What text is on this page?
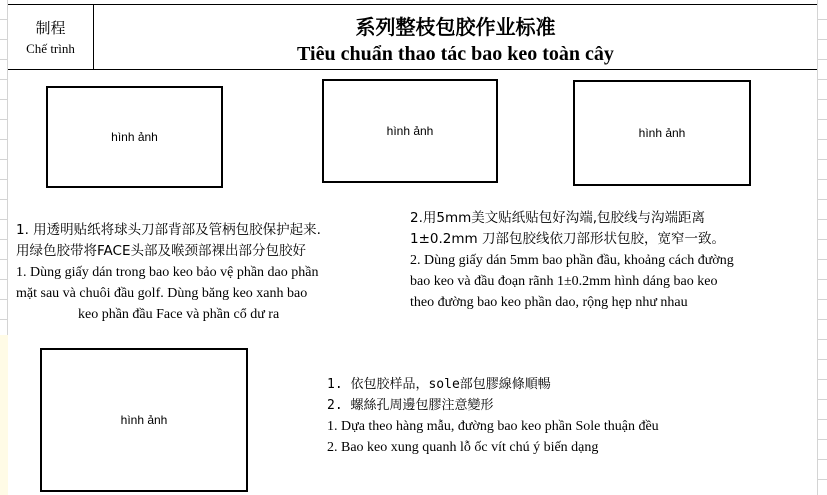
制程
Chế trình
系列整枝包胶作业标准
Tiêu chuẩn thao tác bao keo toàn cây
hình ảnh	hình ảnh	hình ảnh
hình ảnh
1. 用透明贴纸将球头刀部背部及管柄包胶保护起来.
用绿色胶带将FACE头部及喉颈部裸出部分包胶好
1. Dùng giấy dán trong bao keo bảo vệ phần dao phần
mặt sau và chuôi đầu golf. Dùng băng keo xanh bao
keo phần đầu Face và phần cổ dư ra
2.用5mm美文贴纸贴包好沟端,包胶线与沟端距离
1±0.2mm 刀部包胶线依刀部形状包胶，宽窄一致。
2. Dùng giấy dán 5mm bao phần đầu, khoảng cách đường
bao keo và đầu đoạn rãnh 1±0.2mm hình dáng bao keo
theo đường bao keo phần dao, rộng hẹp như nhau
1. 依包胶样品，sole部包膠線條順暢
2. 螺絲孔周邊包膠注意變形
1. Dựa theo hàng mẫu, đường bao keo phần Sole thuận đều
2. Bao keo xung quanh lỗ ốc vít chú ý biến dạng
